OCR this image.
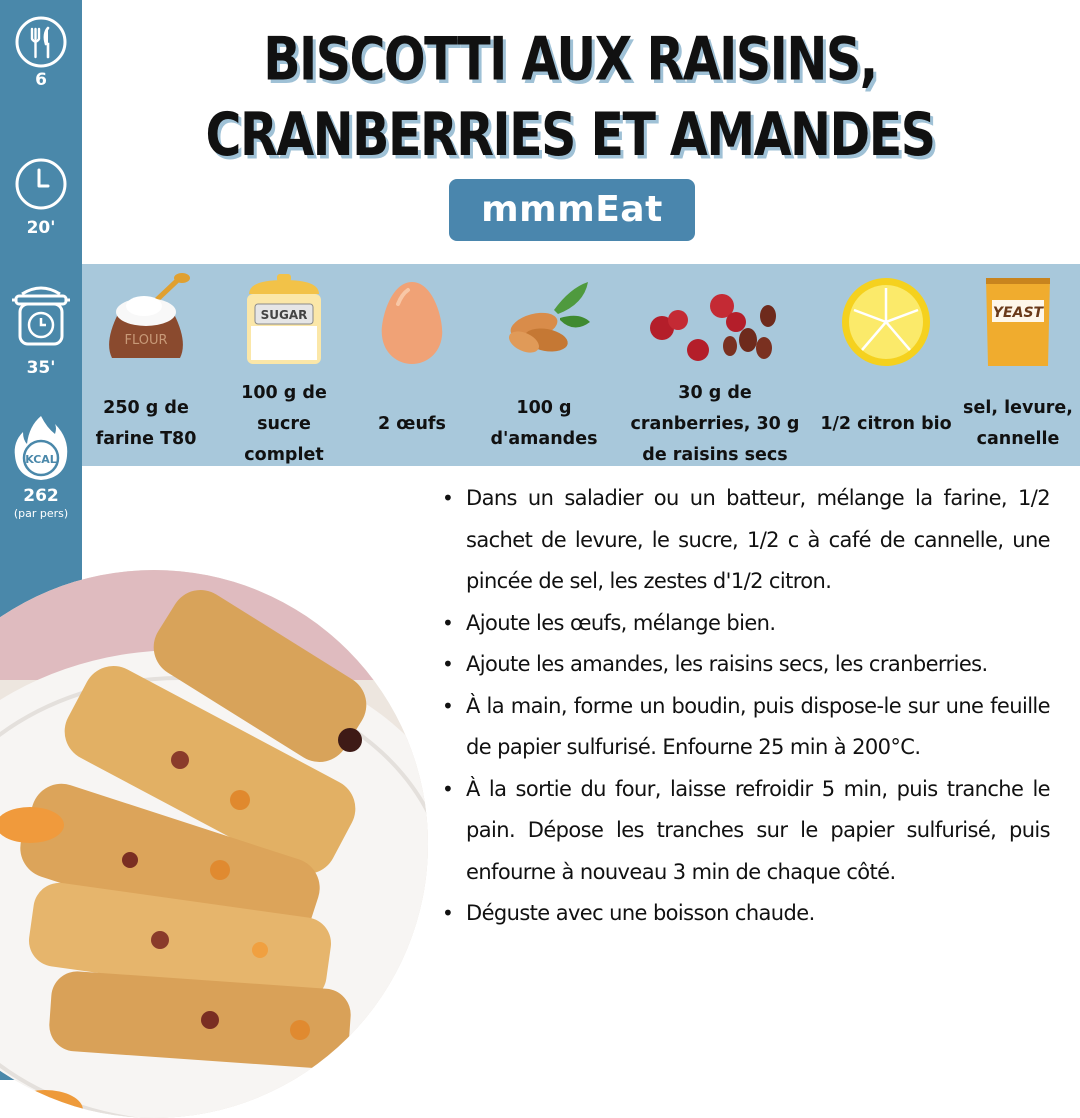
6
20'
35'
KCAL
262
(par pers)
BISCOTTI AUX RAISINS, CRANBERRIES ET AMANDES
mmmEat
FLOUR
250 g de farine T80
SUGAR
100 g de sucre complet
2 œufs
100 g d'amandes
30 g de cranberries, 30 g de raisins secs
1/2 citron bio
YEAST
sel, levure, cannelle
• Dans un saladier ou un batteur, mélange la farine, 1/2 sachet de levure, le sucre, 1/2 c à café de cannelle, une pincée de sel, les zestes d'1/2 citron.
• Ajoute les œufs, mélange bien.
• Ajoute les amandes, les raisins secs, les cranberries.
• À la main, forme un boudin, puis dispose-le sur une feuille de papier sulfurisé. Enfourne 25 min à 200°C.
• À la sortie du four, laisse refroidir 5 min, puis tranche le pain. Dépose les tranches sur le papier sulfurisé, puis enfourne à nouveau 3 min de chaque côté.
• Déguste avec une boisson chaude.
